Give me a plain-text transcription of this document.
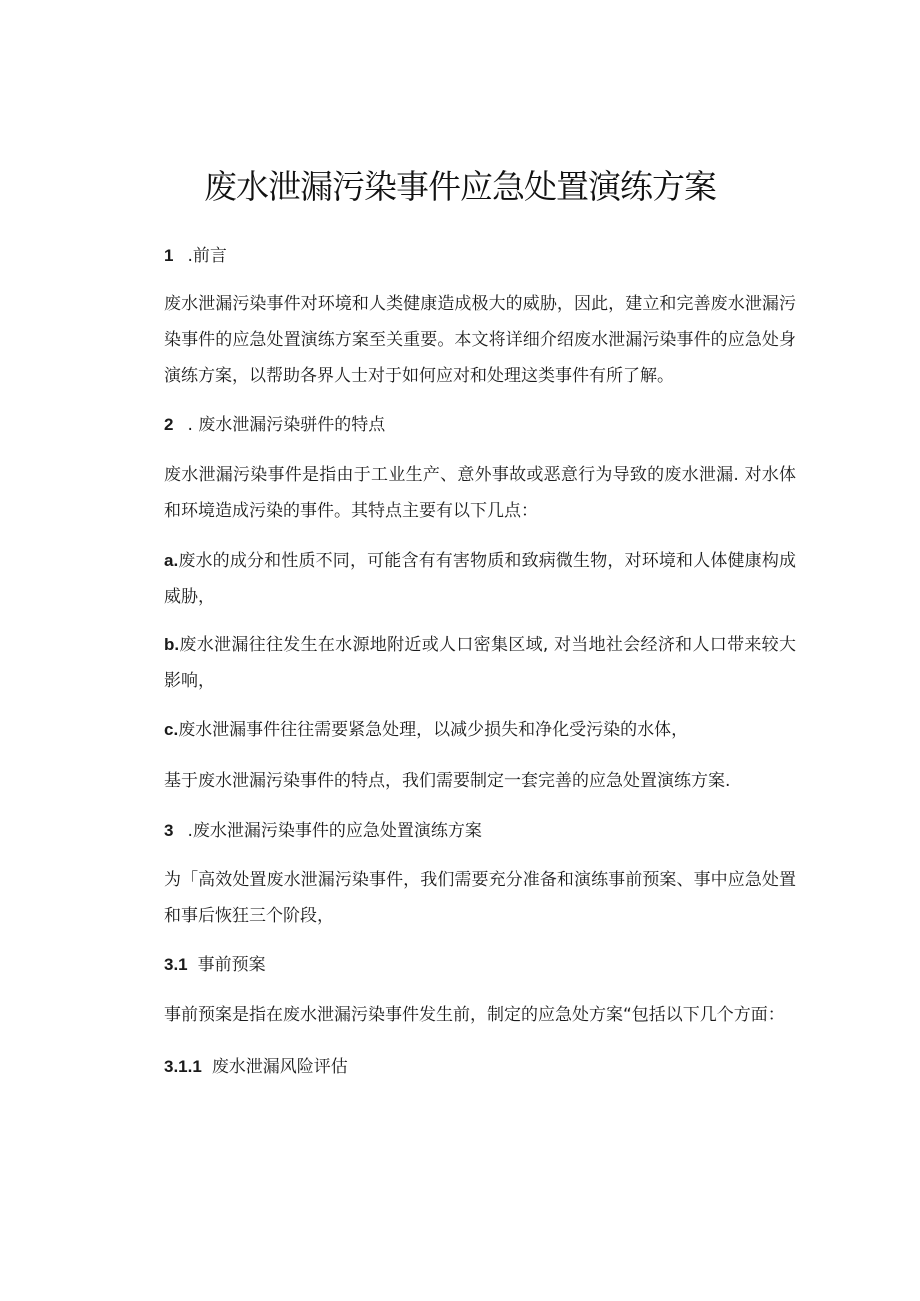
废水泄漏污染事件应急处置演练方案
1 .前言
废水泄漏污染事件对环境和人类健康造成极大的威胁，因此，建立和完善废水泄漏污染事件的应急处置演练方案至关重要。本文将详细介绍废水泄漏污染事件的应急处身演练方案，以帮助各界人士对于如何应对和处理这类事件有所了解。
2 . 废水泄漏污染骈件的特点
废水泄漏污染事件是指由于工业生产、意外事故或恶意行为导致的废水泄漏. 对水体和环境造成污染的事件。其特点主要有以下几点：
a.废水的成分和性质不同，可能含有有害物质和致病微生物，对环境和人体健康构成威胁，
b.废水泄漏往往发生在水源地附近或人口密集区域, 对当地社会经济和人口带来较大影响，
c.废水泄漏事件往往需要紧急处理，以减少损失和净化受污染的水体，
基于废水泄漏污染事件的特点，我们需要制定一套完善的应急处置演练方案.
3 .废水泄漏污染事件的应急处置演练方案
为「高效处置废水泄漏污染事件，我们需要充分准备和演练事前预案、事中应急处置和事后恢狂三个阶段，
3.1 事前预案
事前预案是指在废水泄漏污染事件发生前，制定的应急处方案“包括以下几个方面：
3.1.1 废水泄漏风险评估
